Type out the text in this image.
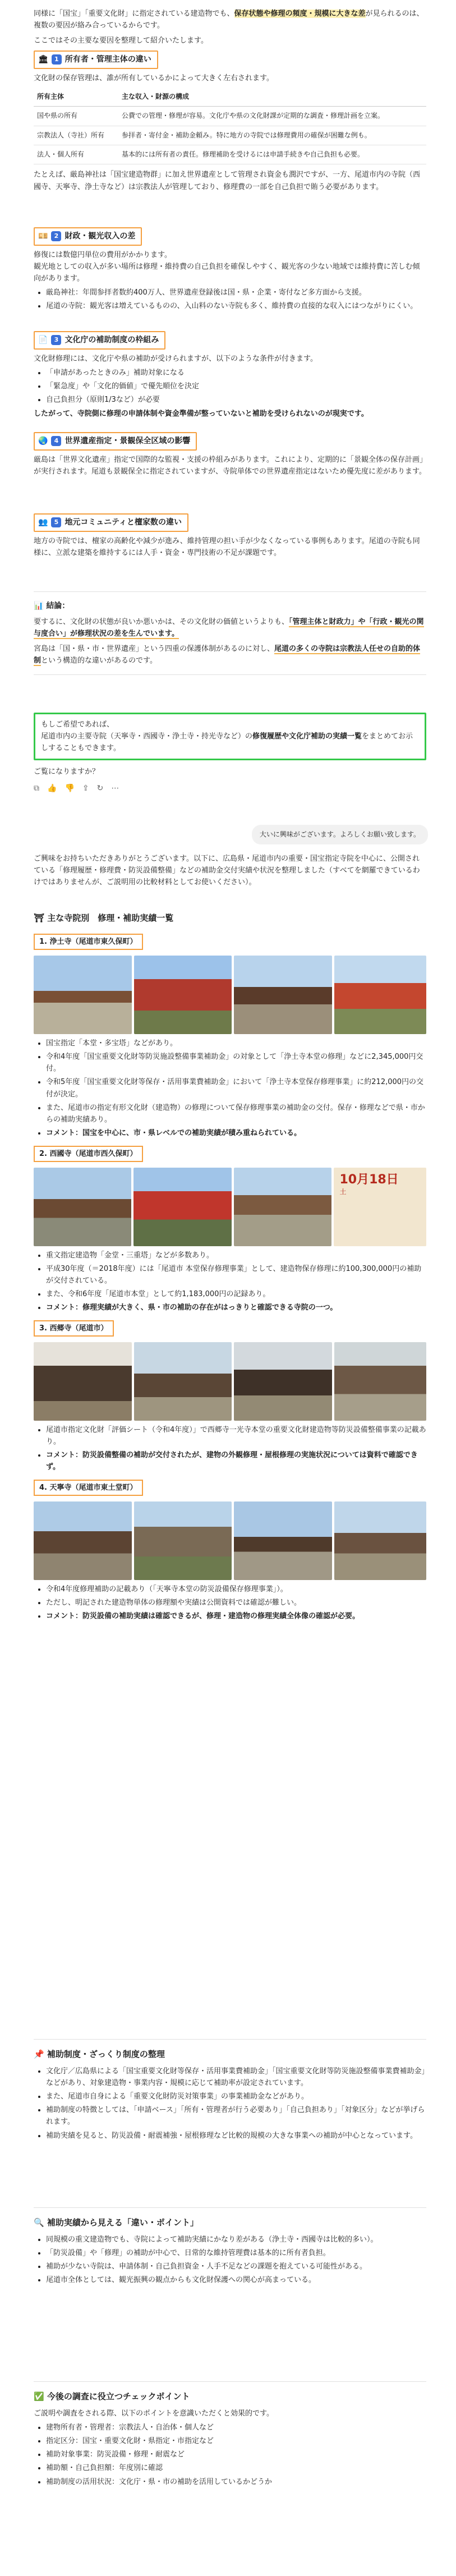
同様に「国宝」「重要文化財」に指定されている建造物でも、保存状態や修理の頻度・規模に大きな差が見られるのは、複数の要因が絡み合っているからです。

ここではその主要な要因を整理して紹介いたします。

🏛	1 所有者・管理主体の違い

文化財の保存管理は、誰が所有しているかによって大きく左右されます。

所有主体	主な収入・財源の構成
国や県の所有	公費での管理・修理が容易。文化庁や県の文化財課が定期的な調査・修理計画を立案。
宗教法人（寺社）所有	参拝者・寄付金・補助金頼み。特に地方の寺院では修理費用の確保が困難な例も。
法人・個人所有	基本的には所有者の責任。修理補助を受けるには申請手続きや自己負担も必要。

たとえば、厳島神社は「国宝建造物群」に加え世界遺産として管理され資金も潤沢ですが、一方、尾道市内の寺院（西國寺、天寧寺、浄土寺など）は宗教法人が管理しており、修理費の一部を自己負担で賄う必要があります。

💴	2 財政・観光収入の差

修復には数億円単位の費用がかかります。

観光地としての収入が多い場所は修理・維持費の自己負担を確保しやすく、観光客の少ない地域では維持費に苦しむ傾向があります。

• 厳島神社：年間参拝者数約400万人、世界遺産登録後は国・県・企業・寄付など多方面から支援。
• 尾道の寺院：観光客は増えているものの、入山料のない寺院も多く、維持費の直接的な収入にはつながりにくい。
📄	3 文化庁の補助制度の枠組み

文化財修理には、文化庁や県の補助が受けられますが、以下のような条件が付きます。

• 「申請があったときのみ」補助対象になる
• 「緊急度」や「文化的価値」で優先順位を決定
• 自己負担分（原則1/3など）が必要

したがって、寺院側に修理の申請体制や資金準備が整っていないと補助を受けられないのが現実です。

🌏	4 世界遺産指定・景観保全区域の影響

厳島は「世界文化遺産」指定で国際的な監視・支援の枠組みがあります。これにより、定期的に「景観全体の保存計画」が実行されます。尾道も景観保全に指定されていますが、寺院単体での世界遺産指定はないため優先度に差があります。

👥	5 地元コミュニティと檀家数の違い

地方の寺院では、檀家の高齢化や減少が進み、維持管理の担い手が少なくなっている事例もあります。尾道の寺院も同様に、立派な建築を維持するには人手・資金・専門技術の不足が課題です。

📊 結論：

要するに、文化財の状態が良いか悪いかは、その文化財の価値というよりも、「管理主体と財政力」や「行政・観光の関与度合い」が修理状況の差を生んでいます。

宮島は「国・県・市・世界遺産」という四重の保護体制があるのに対し、尾道の多くの寺院は宗教法人任せの自助的体制という構造的な違いがあるのです。

もしご希望であれば、

尾道市内の主要寺院（天寧寺・西國寺・浄土寺・持光寺など）の修復履歴や文化庁補助の実績一覧をまとめてお示しすることもできます。

ご覧になりますか？

⧉ 👍 👎 ⇪ ↻ ⋯
大いに興味がございます。よろしくお願い致します。

ご興味をお持ちいただきありがとうございます。以下に、広島県・尾道市内の重要・国宝指定寺院を中心に、公開されている「修理履歴・修理費・防災設備整備」などの補助金交付実績や状況を整理しました（すべてを網羅できているわけではありませんが、ご説明用の比較材料としてお使いください）。

⛩ 主な寺院別　修理・補助実績一覧
1. 浄土寺（尾道市東久保町）
• 国宝指定「本堂・多宝塔」などがあり。
• 令和4年度「国宝重要文化財等防災施設整備事業補助金」の対象として「浄土寺本堂の修理」などに2,345,000円交付。
• 令和5年度「国宝重要文化財等保存・活用事業費補助金」において「浄土寺本堂保存修理事業」に約212,000円の交付が決定。
• また、尾道市の指定有形文化財（建造物）の修理について保存修理事業の補助金の交付。保存・修理などで県・市からの補助実績あり。
• コメント：国宝を中心に、市・県レベルでの補助実績が積み重ねられている。
2. 西國寺（尾道市西久保町）
10月18日
土
• 重文指定建造物「金堂・三重塔」などが多数あり。
• 平成30年度（＝2018年度）には「尾道市 本堂保存修理事業」として、建造物保存修理に約100,300,000円の補助が交付されている。
• また、令和6年度「尾道市本堂」として約1,183,000円の記録あり。
• コメント：修理実績が大きく、県・市の補助の存在がはっきりと確認できる寺院の一つ。
3. 西郷寺（尾道市）
• 尾道市指定文化財「評価シート（令和4年度）」で西郷寺一光寺本堂の重要文化財建造物等防災設備整備事業の記載あり。
• コメント：防災設備整備の補助が交付されたが、建物の外観修理・屋根修理の実施状況については資料で確認できず。
4. 天寧寺（尾道市東土堂町）
• 令和4年度修理補助の記載あり（「天寧寺本堂の防災設備保存修理事業」）。
• ただし、明記された建造物単体の修理額や実績は公開資料では確認が難しい。
• コメント：防災設備の補助実績は確認できるが、修理・建造物の修理実績全体像の確認が必要。
📌 補助制度・ざっくり制度の整理
• 文化庁／広島県による「国宝重要文化財等保存・活用事業費補助金」「国宝重要文化財等防災施設整備事業費補助金」などがあり、対象建造物・事業内容・規模に応じて補助率が設定されています。
• また、尾道市自身による「重要文化財防災対策事業」の事業補助金などがあり。
• 補助制度の特徴としては、「申請ベース」「所有・管理者が行う必要あり」「自己負担あり」「対象区分」などが挙げられます。
• 補助実績を見ると、防災設備・耐震補強・屋根修理など比較的規模の大きな事業への補助が中心となっています。
🔍 補助実績から見える「違い・ポイント」
• 同規模の重文建造物でも、寺院によって補助実績にかなり差がある（浄土寺・西國寺は比較的多い）。
• 「防災設備」や「修理」の補助が中心で、日常的な維持管理費は基本的に所有者負担。
• 補助が少ない寺院は、申請体制・自己負担資金・人手不足などの課題を抱えている可能性がある。
• 尾道市全体としては、観光振興の観点からも文化財保護への関心が高まっている。
✅ 今後の調査に役立つチェックポイント

ご説明や調査をされる際、以下のポイントを意識いただくと効果的です。

• 建物所有者・管理者：宗教法人・自治体・個人など
• 指定区分：国宝・重要文化財・県指定・市指定など
• 補助対象事業：防災設備・修理・耐震など
• 補助額・自己負担額：年度別に確認
• 補助制度の活用状況：文化庁・県・市の補助を活用しているかどうか
